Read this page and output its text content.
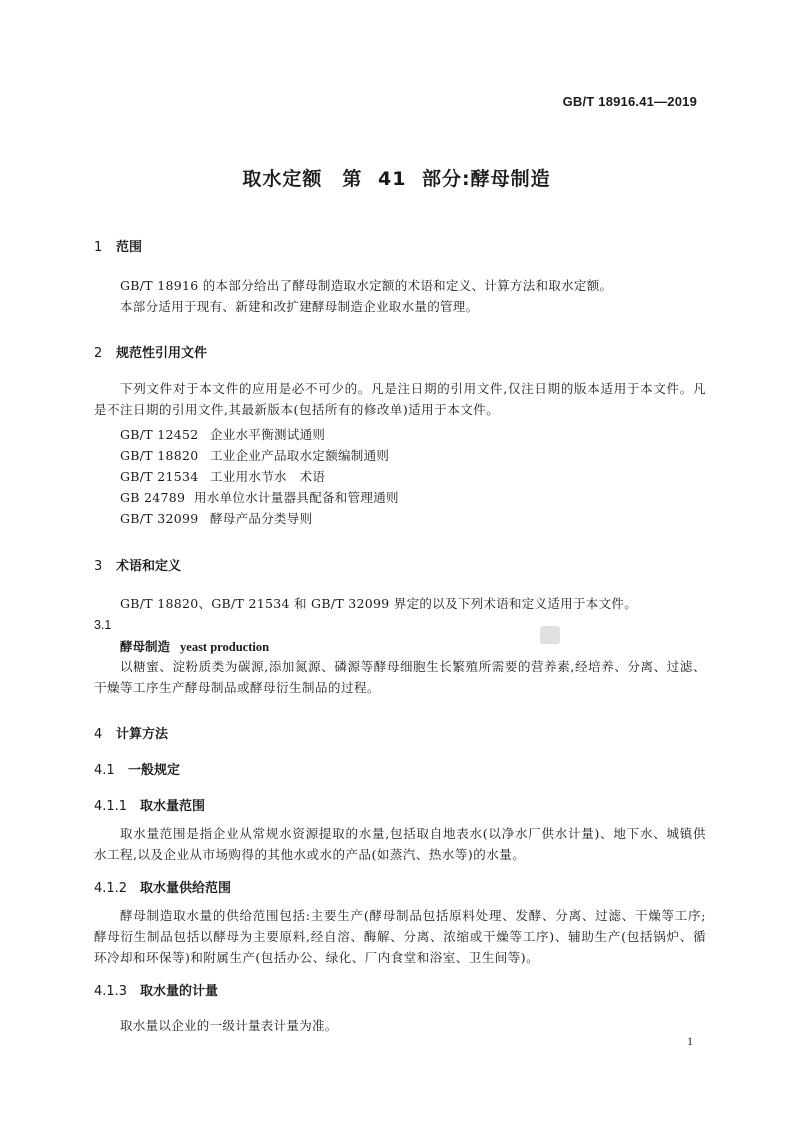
GB/T 18916.41—2019
取水定额　第 41 部分:酵母制造
1 范围
GB/T 18916 的本部分给出了酵母制造取水定额的术语和定义、计算方法和取水定额。
本部分适用于现有、新建和改扩建酵母制造企业取水量的管理。
2 规范性引用文件
下列文件对于本文件的应用是必不可少的。凡是注日期的引用文件,仅注日期的版本适用于本文件。凡是不注日期的引用文件,其最新版本(包括所有的修改单)适用于本文件。
GB/T 12452 企业水平衡测试通则
GB/T 18820 工业企业产品取水定额编制通则
GB/T 21534 工业用水节水　术语
GB 24789 用水单位水计量器具配备和管理通则
GB/T 32099 酵母产品分类导则
3 术语和定义
GB/T 18820、GB/T 21534 和 GB/T 32099 界定的以及下列术语和定义适用于本文件。
3.1
酵母制造 yeast production
以糖蜜、淀粉质类为碳源,添加氮源、磷源等酵母细胞生长繁殖所需要的营养素,经培养、分离、过滤、干燥等工序生产酵母制品或酵母衍生制品的过程。
4 计算方法
4.1 一般规定
4.1.1 取水量范围
取水量范围是指企业从常规水资源提取的水量,包括取自地表水(以净水厂供水计量)、地下水、城镇供水工程,以及企业从市场购得的其他水或水的产品(如蒸汽、热水等)的水量。
4.1.2 取水量供给范围
酵母制造取水量的供给范围包括:主要生产(酵母制品包括原料处理、发酵、分离、过滤、干燥等工序;酵母衍生制品包括以酵母为主要原料,经自溶、酶解、分离、浓缩或干燥等工序)、辅助生产(包括锅炉、循环冷却和环保等)和附属生产(包括办公、绿化、厂内食堂和浴室、卫生间等)。
4.1.3 取水量的计量
取水量以企业的一级计量表计量为准。
1
